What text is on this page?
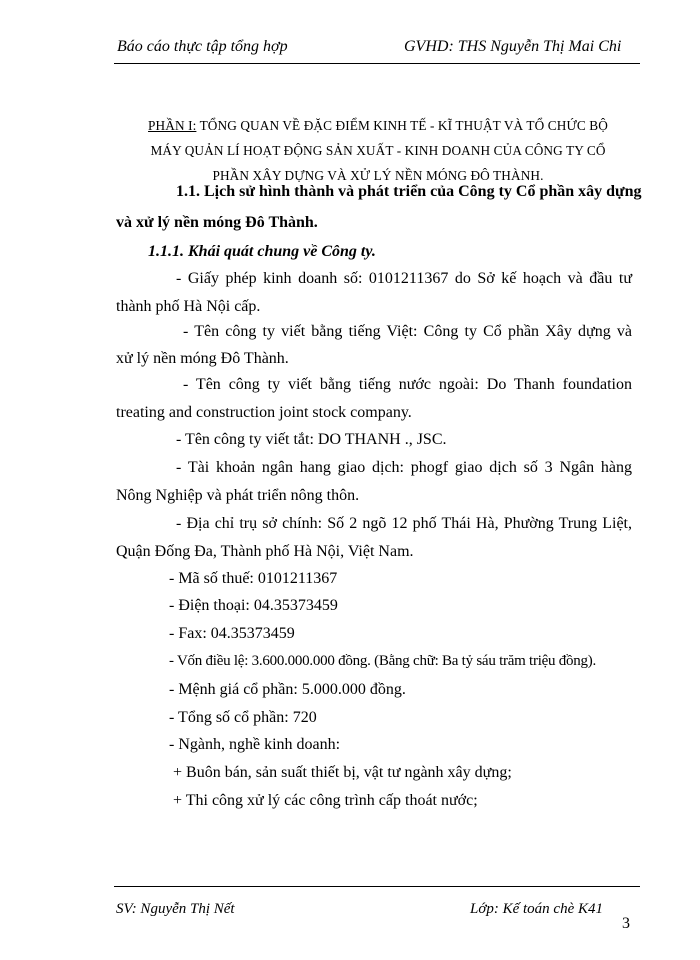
Báo cáo thực tập tổng hợp	GVHD: THS Nguyễn Thị Mai Chi
PHẦN I: TỔNG QUAN VỀ ĐẶC ĐIỂM KINH TẾ - KĨ THUẬT VÀ TỔ CHỨC BỘ
MÁY QUẢN LÍ HOẠT ĐỘNG SẢN XUẤT - KINH DOANH CỦA CÔNG TY CỔ
PHẦN XÂY DỰNG VÀ XỬ LÝ NỀN MÓNG ĐÔ THÀNH.
1.1. Lịch sử hình thành và phát triển của Công ty Cổ phần xây dựng
và xử lý nền móng Đô Thành.
1.1.1. Khái quát chung về Công ty.
- Giấy phép kinh doanh số: 0101211367 do Sở kế hoạch và đầu tư
thành phố Hà Nội cấp.
- Tên công ty viết bằng tiếng Việt: Công ty Cổ phần Xây dựng và
xử lý nền móng Đô Thành.
- Tên công ty viết bằng tiếng nước ngoài: Do Thanh foundation
treating and construction joint stock company.
- Tên công ty viết tắt: DO THANH ., JSC.
- Tài khoản ngân hang giao dịch: phogf giao dịch số 3 Ngân hàng
Nông Nghiệp và phát triển nông thôn.
- Địa chỉ trụ sở chính: Số 2 ngõ 12 phố Thái Hà, Phường Trung Liệt,
Quận Đống Đa, Thành phố Hà Nội, Việt Nam.
- Mã số thuế: 0101211367
- Điện thoại: 04.35373459
- Fax: 04.35373459
- Vốn điều lệ: 3.600.000.000 đồng. (Bằng chữ: Ba tỷ sáu trăm triệu đồng).
- Mệnh giá cổ phần: 5.000.000 đồng.
- Tổng số cổ phần: 720
- Ngành, nghề kinh doanh:
+ Buôn bán, sản suất thiết bị, vật tư ngành xây dựng;
+ Thi công xử lý các công trình cấp thoát nước;
SV: Nguyễn Thị Nết	Lớp: Kế toán chè K41
3
